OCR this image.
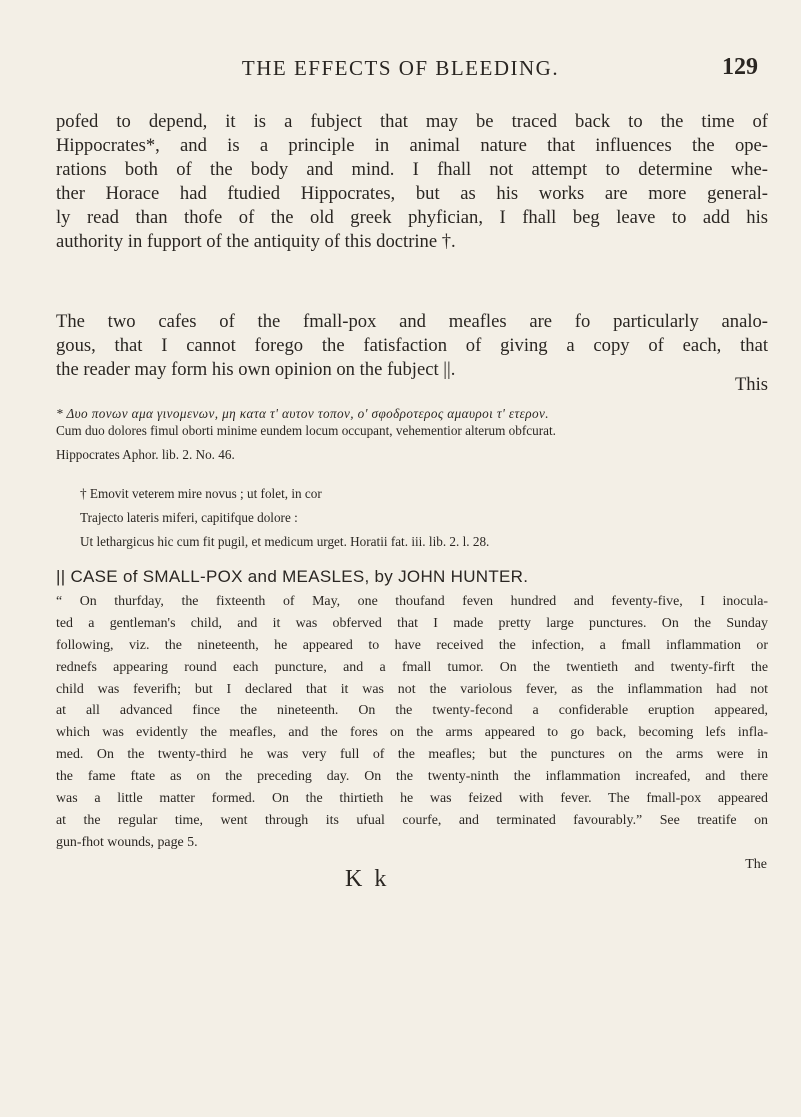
THE EFFECTS OF BLEEDING.	129
pofed to depend, it is a fubject that may be traced back to the time of
Hippocrates*, and is a principle in animal nature that influences the ope-
rations both of the body and mind. I fhall not attempt to determine whe-
ther Horace had ftudied Hippocrates, but as his works are more general-
ly read than thofe of the old greek phyfician, I fhall beg leave to add his
authority in fupport of the antiquity of this doctrine †.
The two cafes of the fmall-pox and meafles are fo particularly analo-
gous, that I cannot forego the fatisfaction of giving a copy of each, that
the reader may form his own opinion on the fubject ||.
This
* Δυο πονων αμα γινομενων, μη κατα τ' αυτον τοπον, ο' σφοδροτερος αμαυροι τ' ετερον.
Cum duo dolores fimul oborti minime eundem locum occupant, vehementior alterum obfcurat.
Hippocrates Aphor. lib. 2. No. 46.
† Emovit veterem mire novus ; ut folet, in cor
Trajecto lateris miferi, capitifque dolore :
Ut lethargicus hic cum fit pugil, et medicum urget. Horatii fat. iii. lib. 2. l. 28.
|| CASE of SMALL-POX and MEASLES, by JOHN HUNTER.
“ On thurfday, the fixteenth of May, one thoufand feven hundred and feventy-five, I inocula-
ted a gentleman's child, and it was obferved that I made pretty large punctures. On the Sunday
following, viz. the nineteenth, he appeared to have received the infection, a fmall inflammation or
rednefs appearing round each puncture, and a fmall tumor. On the twentieth and twenty-firft the
child was feverifh; but I declared that it was not the variolous fever, as the inflammation had not
at all advanced fince the nineteenth. On the twenty-fecond a confiderable eruption appeared,
which was evidently the meafles, and the fores on the arms appeared to go back, becoming lefs infla-
med. On the twenty-third he was very full of the meafles; but the punctures on the arms were in
the fame ftate as on the preceding day. On the twenty-ninth the inflammation increafed, and there
was a little matter formed. On the thirtieth he was feized with fever. The fmall-pox appeared
at the regular time, went through its ufual courfe, and terminated favourably.” See treatife on
gun-fhot wounds, page 5.
The
K k
